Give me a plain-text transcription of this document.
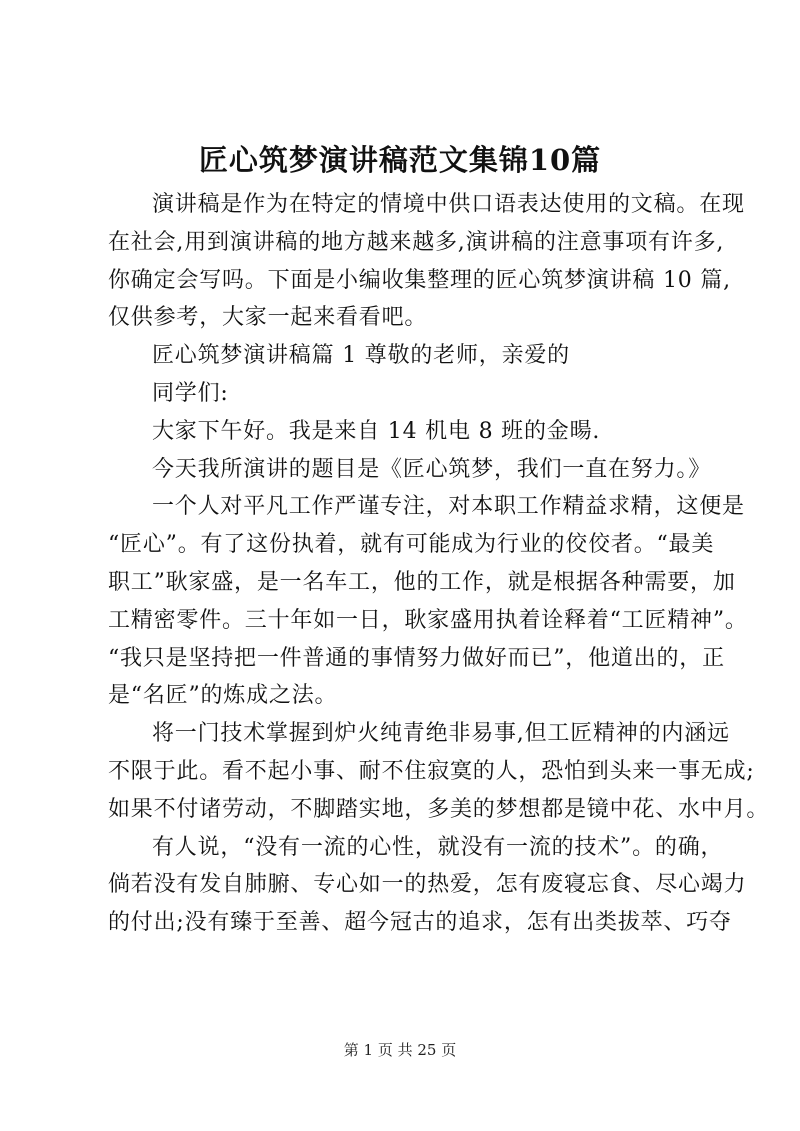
匠心筑梦演讲稿范文集锦10篇

演讲稿是作为在特定的情境中供口语表达使用的文稿。在现

在社会,用到演讲稿的地方越来越多,演讲稿的注意事项有许多,

你确定会写吗。下面是小编收集整理的匠心筑梦演讲稿 10 篇,

仅供参考，大家一起来看看吧。

匠心筑梦演讲稿篇 1 尊敬的老师，亲爱的

同学们:

大家下午好。我是来自 14 机电 8 班的金暘.

今天我所演讲的题目是《匠心筑梦，我们一直在努力。》

一个人对平凡工作严谨专注，对本职工作精益求精，这便是

“匠心”。有了这份执着，就有可能成为行业的佼佼者。“最美

职工”耿家盛，是一名车工，他的工作，就是根据各种需要，加

工精密零件。三十年如一日，耿家盛用执着诠释着“工匠精神”。

“我只是坚持把一件普通的事情努力做好而已”，他道出的，正

是“名匠”的炼成之法。

将一门技术掌握到炉火纯青绝非易事,但工匠精神的内涵远

不限于此。看不起小事、耐不住寂寞的人，恐怕到头来一事无成;

如果不付诸劳动，不脚踏实地，多美的梦想都是镜中花、水中月。

有人说，“没有一流的心性，就没有一流的技术”。的确，

倘若没有发自肺腑、专心如一的热爱，怎有废寝忘食、尽心竭力

的付出;没有臻于至善、超今冠古的追求，怎有出类拔萃、巧夺

第 1 页 共 25 页
